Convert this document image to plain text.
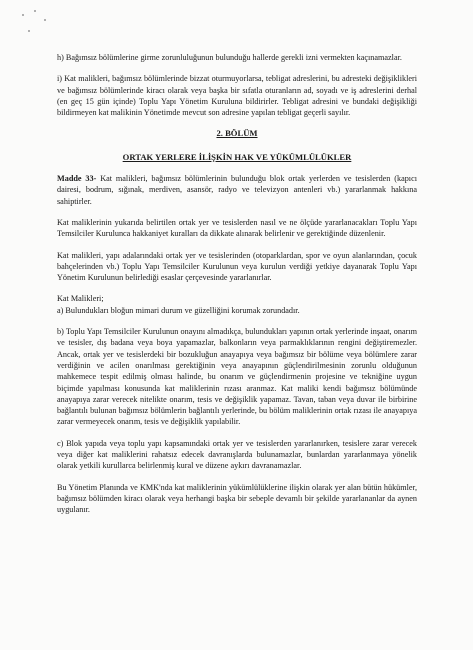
h) Bağımsız bölümlerine girme zorunluluğunun bulunduğu hallerde gerekli izni vermekten kaçınamazlar.

i) Kat malikleri, bağımsız bölümlerinde bizzat oturmuyorlarsa, tebligat adreslerini, bu adresteki değişiklikleri ve bağımsız bölümlerinde kiracı olarak veya başka bir sıfatla oturanların ad, soyadı ve iş adreslerini derhal (en geç 15 gün içinde) Toplu Yapı Yönetim Kuruluna bildirirler. Tebligat adresini ve bundaki değişikliği bildirmeyen kat malikinin Yönetimde mevcut son adresine yapılan tebligat geçerli sayılır.

2. BÖLÜM
ORTAK YERLERE İLİŞKİN HAK VE YÜKÜMLÜLÜKLER

Madde 33- Kat malikleri, bağımsız bölümlerinin bulunduğu blok ortak yerlerden ve tesislerden (kapıcı dairesi, bodrum, sığınak, merdiven, asansör, radyo ve televizyon antenleri vb.) yararlanmak hakkına sahiptirler.

Kat maliklerinin yukarıda belirtilen ortak yer ve tesislerden nasıl ve ne ölçüde yararlanacakları Toplu Yapı Temsilciler Kurulunca hakkaniyet kuralları da dikkate alınarak belirlenir ve gerektiğinde düzenlenir.

Kat malikleri, yapı adalarındaki ortak yer ve tesislerinden (otoparklardan, spor ve oyun alanlarından, çocuk bahçelerinden vb.) Toplu Yapı Temsilciler Kurulunun veya kurulun verdiği yetkiye dayanarak Toplu Yapı Yönetim Kurulunun belirlediği esaslar çerçevesinde yararlanırlar.

Kat Malikleri;

a) Bulundukları bloğun mimari durum ve güzelliğini korumak zorundadır.

b) Toplu Yapı Temsilciler Kurulunun onayını almadıkça, bulundukları yapının ortak yerlerinde inşaat, onarım ve tesisler, dış badana veya boya yapamazlar, balkonların veya parmaklıklarının rengini değiştiremezler. Ancak, ortak yer ve tesislerdeki bir bozukluğun anayapıya veya bağımsız bir bölüme veya bölümlere zarar verdiğinin ve acilen onarılması gerektiğinin veya anayapının güçlendirilmesinin zorunlu olduğunun mahkemece tespit edilmiş olması halinde, bu onarım ve güçlendirmenin projesine ve tekniğine uygun biçimde yapılması konusunda kat maliklerinin rızası aranmaz. Kat maliki kendi bağımsız bölümünde anayapıya zarar verecek nitelikte onarım, tesis ve değişiklik yapamaz. Tavan, taban veya duvar ile birbirine bağlantılı bulunan bağımsız bölümlerin bağlantılı yerlerinde, bu bölüm maliklerinin ortak rızası ile anayapıya zarar vermeyecek onarım, tesis ve değişiklik yapılabilir.

c) Blok yapıda veya toplu yapı kapsamındaki ortak yer ve tesislerden yararlanırken, tesislere zarar verecek veya diğer kat maliklerini rahatsız edecek davranışlarda bulunamazlar, bunlardan yararlanmaya yönelik olarak yetkili kurullarca belirlenmiş kural ve düzene aykırı davranamazlar.

Bu Yönetim Planında ve KMK'nda kat maliklerinin yükümlülüklerine ilişkin olarak yer alan bütün hükümler, bağımsız bölümden kiracı olarak veya herhangi başka bir sebeple devamlı bir şekilde yararlananlar da aynen uygulanır.
